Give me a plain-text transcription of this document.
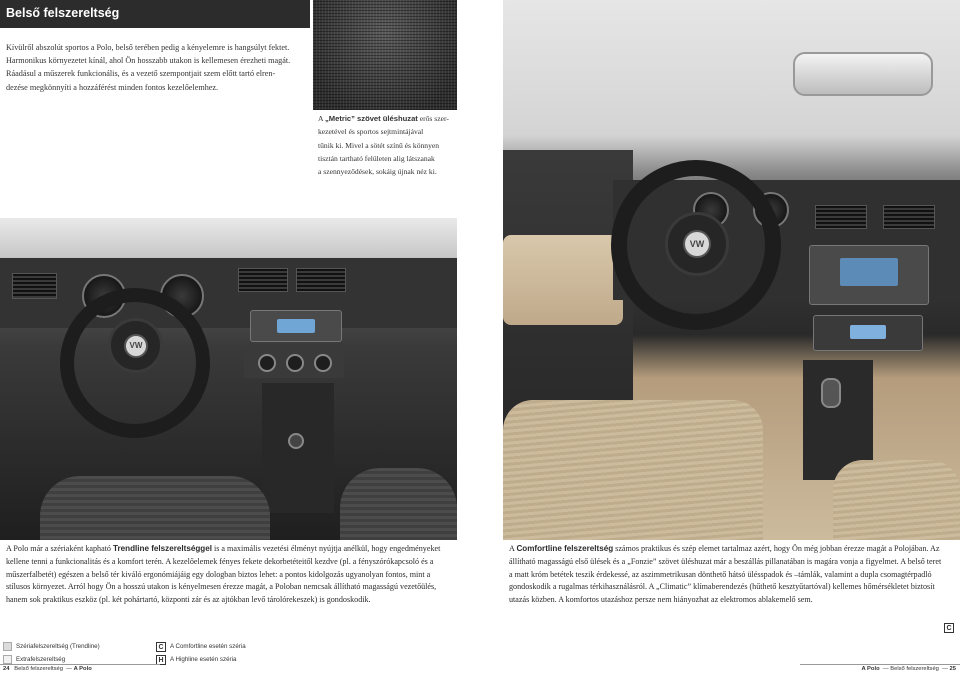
Belső felszereltség

Kívülről abszolút sportos a Polo, belső terében pedig a kényelemre is hangsúlyt fektet.

Harmonikus környezetet kínál, ahol Ön hosszabb utakon is kellemesen érezheti magát.

Ráadásul a műszerek funkcionális, és a vezető szempontjait szem előtt tartó elren-

dezése megkönnyíti a hozzáférést minden fontos kezelőelemhez.

A „Metric” szövet üléshuzat erős szer-

kezetével és sportos sejtmintájával

tűnik ki. Mivel a sötét színű és könnyen

tisztán tartható felületen alig látszanak

a szennyeződések, sokáig újnak néz ki.

VW
VW

A Polo már a szériaként kapható Trendline felszereltséggel is a maximális vezetési élményt nyújtja anélkül, hogy engedményeket

kellene tenni a funkcionalitás és a komfort terén. A kezelőelemek fényes fekete dekorbetéteitől kezdve (pl. a fényszórókapcsoló és a

műszerfalbetét) egészen a belső tér kiváló ergonómiájáig egy dologban biztos lehet: a pontos kidolgozás ugyanolyan fontos, mint a

stílusos környezet. Arról hogy Ön a hosszú utakon is kényelmesen érezze magát, a Poloban nemcsak állítható magasságú vezetőülés,

hanem sok praktikus eszköz (pl. két pohártartó, központi zár és az ajtókban levő tárolórekeszek) is gondoskodik.

A Comfortline felszereltség számos praktikus és szép elemet tartalmaz azért, hogy Ön még jobban érezze magát a Polojában. Az

állítható magasságú első ülések és a „Fonzie” szövet üléshuzat már a beszállás pillanatában is magára vonja a figyelmet. A belső teret

a matt króm betétek teszik érdekessé, az aszimmetrikusan dönthető hátsó ülésspadok és –támlák, valamint a dupla csomagtérpadló

gondoskodik a rugalmas térkihasználásról. A „Climatic” klímaberendezés (hűthető kesztyűtartóval) kellemes hőmérsékletet biztosít

utazás közben. A komfortos utazáshoz persze nem hiányozhat az elektromos ablakemelő sem.

Szériafelszereltség (Trendline)
Extrafelszereltség
C	A Comfortline esetén széria
H	A Highline esetén széria
C
24 Belső felszereltség  — A Polo	A Polo  — Belső felszereltség  — 25
